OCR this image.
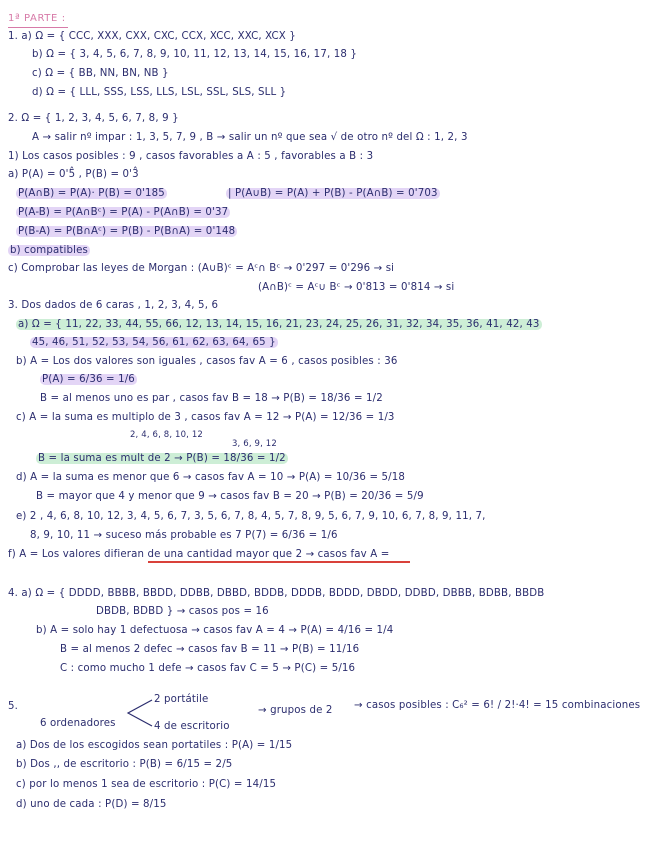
1ª PARTE :
1. a) Ω = { CCC, XXX, CXX, CXC, CCX, XCC, XXC, XCX }
b) Ω = { 3, 4, 5, 6, 7, 8, 9, 10, 11, 12, 13, 14, 15, 16, 17, 18 }
c) Ω = { BB, NN, BN, NB }
d) Ω = { LLL, SSS, LSS, LLS, LSL, SSL, SLS, SLL }
2. Ω = { 1, 2, 3, 4, 5, 6, 7, 8, 9 }
A → salir nº impar : 1, 3, 5, 7, 9 , B → salir un nº que sea √ de otro nº del Ω : 1, 2, 3
1) Los casos posibles : 9 , casos favorables a A : 5 , favorables a B : 3
a) P(A) = 0'5̂ , P(B) = 0'3̂
P(A∩B) = P(A)· P(B) = 0'185	| P(A∪B) = P(A) + P(B) - P(A∩B) = 0'703
P(A-B) = P(A∩Bᶜ) = P(A) - P(A∩B) = 0'37
P(B-A) = P(B∩Aᶜ) = P(B) - P(B∩A) = 0'148
b) compatibles
c) Comprobar las leyes de Morgan : (A∪B)ᶜ = Aᶜ∩ Bᶜ → 0'297 = 0'296 → si
(A∩B)ᶜ = Aᶜ∪ Bᶜ → 0'813 = 0'814 → si
3. Dos dados de 6 caras , 1, 2, 3, 4, 5, 6
a) Ω = { 11, 22, 33, 44, 55, 66, 12, 13, 14, 15, 16, 21, 23, 24, 25, 26, 31, 32, 34, 35, 36, 41, 42, 43
45, 46, 51, 52, 53, 54, 56, 61, 62, 63, 64, 65 }
b) A = Los dos valores son iguales , casos fav A = 6 , casos posibles : 36
P(A) = 6/36 = 1/6
B = al menos uno es par , casos fav B = 18 → P(B) = 18/36 = 1/2
c) A = la suma es multiplo de 3 , casos fav A = 12 → P(A) = 12/36 = 1/3
2, 4, 6, 8, 10, 12
3, 6, 9, 12
B = la suma es mult de 2 → P(B) = 18/36 = 1/2
d) A = la suma es menor que 6 → casos fav A = 10 → P(A) = 10/36 = 5/18
B = mayor que 4 y menor que 9 → casos fav B = 20 → P(B) = 20/36 = 5/9
e) 2 , 4, 6, 8, 10, 12, 3, 4, 5, 6, 7, 3, 5, 6, 7, 8, 4, 5, 7, 8, 9, 5, 6, 7, 9, 10, 6, 7, 8, 9, 11, 7,
8, 9, 10, 11 → suceso más probable es 7 P(7) = 6/36 = 1/6
f) A = Los valores difieran de una cantidad mayor que 2 → casos fav A =
4. a) Ω = { DDDD, BBBB, BBDD, DDBB, DBBD, BDDB, DDDB, BDDD, DBDD, DDBD, DBBB, BDBB, BBDB
DBDB, BDBD } → casos pos = 16
b) A = solo hay 1 defectuosa → casos fav A = 4 → P(A) = 4/16 = 1/4
B = al menos 2 defec → casos fav B = 11 → P(B) = 11/16
C : como mucho 1 defe → casos fav C = 5 → P(C) = 5/16
5.
2 portátile
→ grupos de 2 → casos posibles : C₆² = 6! / 2!·4! = 15 combinaciones
6 ordenadores	4 de escritorio
a) Dos de los escogidos sean portatiles : P(A) = 1/15
b) Dos ,, de escritorio : P(B) = 6/15 = 2/5
c) por lo menos 1 sea de escritorio : P(C) = 14/15
d) uno de cada : P(D) = 8/15
